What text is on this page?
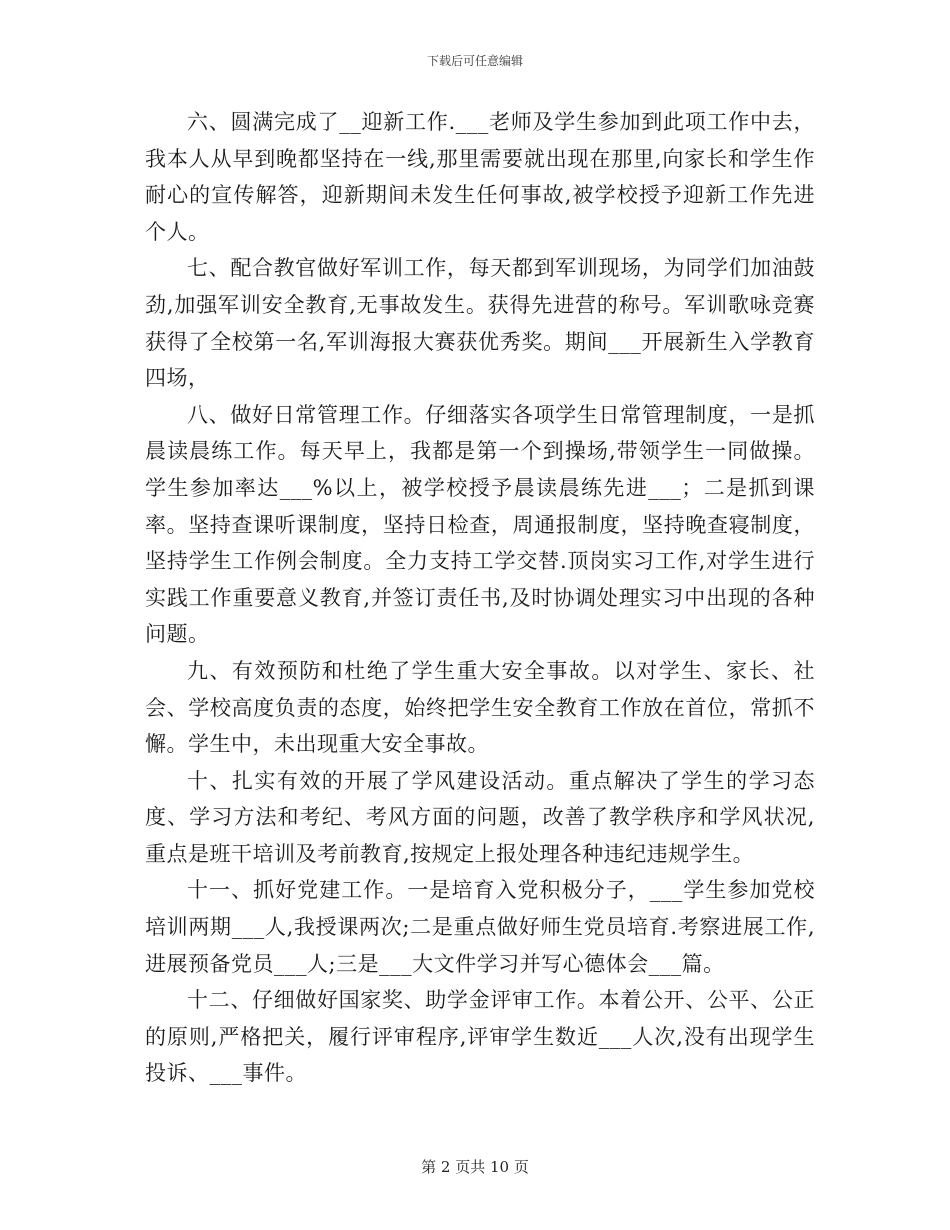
下载后可任意编辑

六、圆满完成了__迎新工作.___老师及学生参加到此项工作中去，我本人从早到晚都坚持在一线,那里需要就出现在那里,向家长和学生作耐心的宣传解答，迎新期间未发生任何事故,被学校授予迎新工作先进个人。

七、配合教官做好军训工作，每天都到军训现场，为同学们加油鼓劲,加强军训安全教育,无事故发生。获得先进营的称号。军训歌咏竞赛获得了全校第一名,军训海报大赛获优秀奖。期间___开展新生入学教育四场，

八、做好日常管理工作。仔细落实各项学生日常管理制度，一是抓晨读晨练工作。每天早上，我都是第一个到操场,带领学生一同做操。学生参加率达___%以上，被学校授予晨读晨练先进___；二是抓到课率。坚持查课听课制度，坚持日检查，周通报制度，坚持晚查寝制度，坚持学生工作例会制度。全力支持工学交替.顶岗实习工作,对学生进行实践工作重要意义教育,并签订责任书,及时协调处理实习中出现的各种问题。

九、有效预防和杜绝了学生重大安全事故。以对学生、家长、社会、学校高度负责的态度，始终把学生安全教育工作放在首位，常抓不懈。学生中，未出现重大安全事故。

十、扎实有效的开展了学风建设活动。重点解决了学生的学习态度、学习方法和考纪、考风方面的问题，改善了教学秩序和学风状况,重点是班干培训及考前教育,按规定上报处理各种违纪违规学生。

十一、抓好党建工作。一是培育入党积极分子，___学生参加党校培训两期___人,我授课两次;二是重点做好师生党员培育.考察进展工作,进展预备党员___人;三是___大文件学习并写心德体会___篇。

十二、仔细做好国家奖、助学金评审工作。本着公开、公平、公正的原则,严格把关，履行评审程序,评审学生数近___人次,没有出现学生投诉、___事件。

第 2 页共 10 页
